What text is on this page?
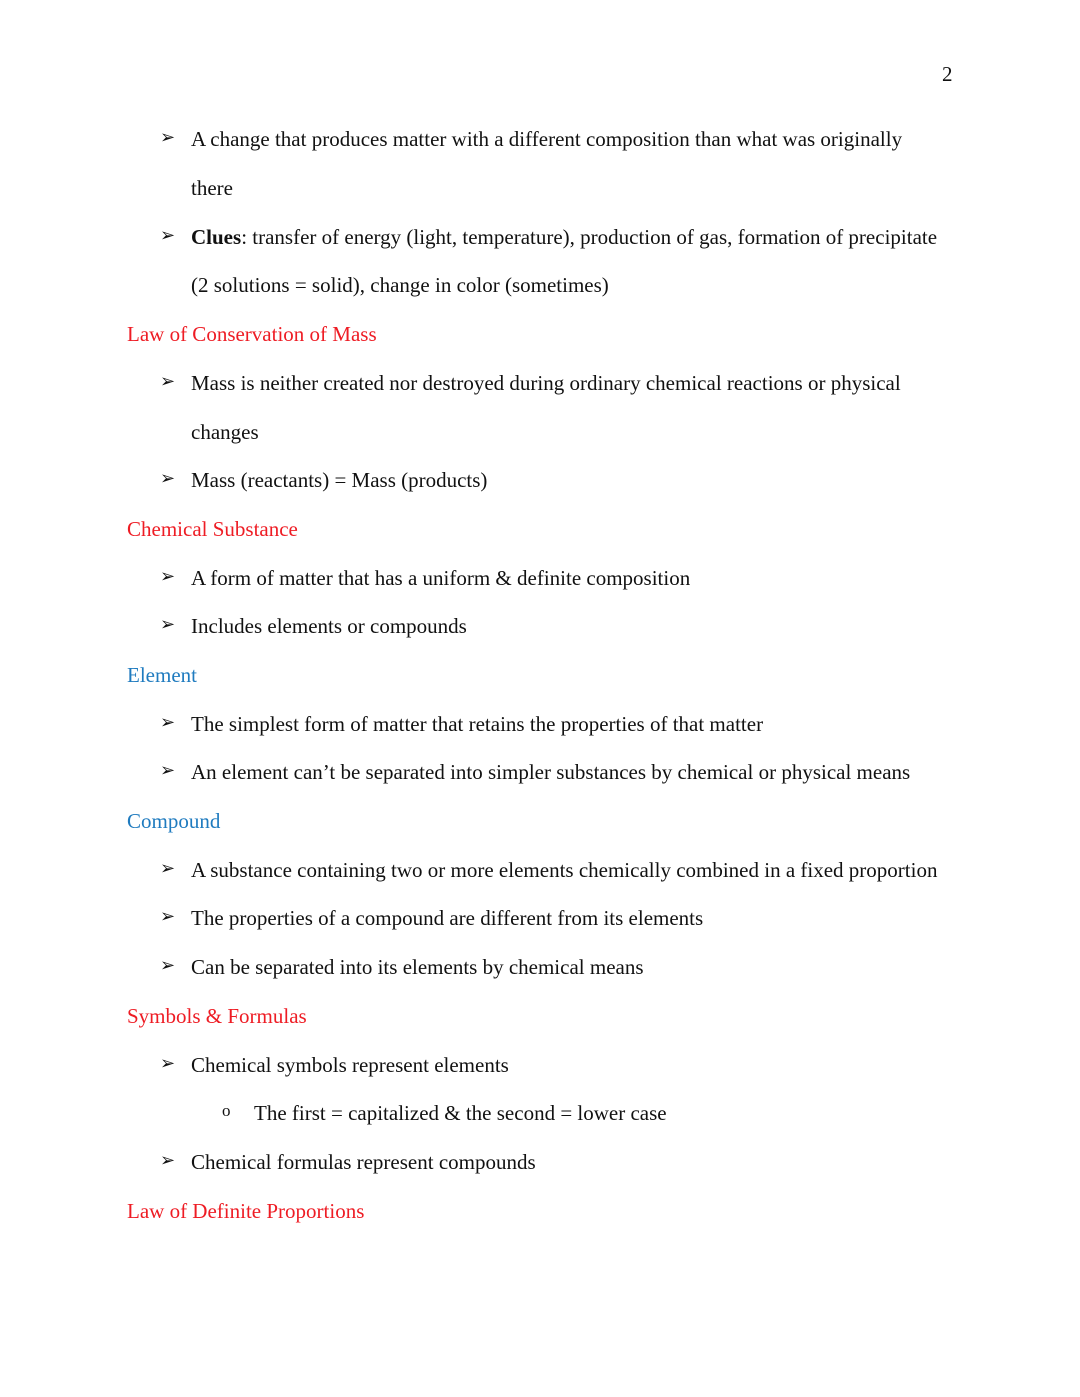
2
➢ A change that produces matter with a different composition than what was originally
there
➢ Clues: transfer of energy (light, temperature), production of gas, formation of precipitate
(2 solutions = solid), change in color (sometimes)
Law of Conservation of Mass
➢ Mass is neither created nor destroyed during ordinary chemical reactions or physical
changes
➢ Mass (reactants) = Mass (products)
Chemical Substance
➢ A form of matter that has a uniform & definite composition
➢ Includes elements or compounds
Element
➢ The simplest form of matter that retains the properties of that matter
➢ An element can’t be separated into simpler substances by chemical or physical means
Compound
➢ A substance containing two or more elements chemically combined in a fixed proportion
➢ The properties of a compound are different from its elements
➢ Can be separated into its elements by chemical means
Symbols & Formulas
➢ Chemical symbols represent elements
o The first = capitalized & the second = lower case
➢ Chemical formulas represent compounds
Law of Definite Proportions
